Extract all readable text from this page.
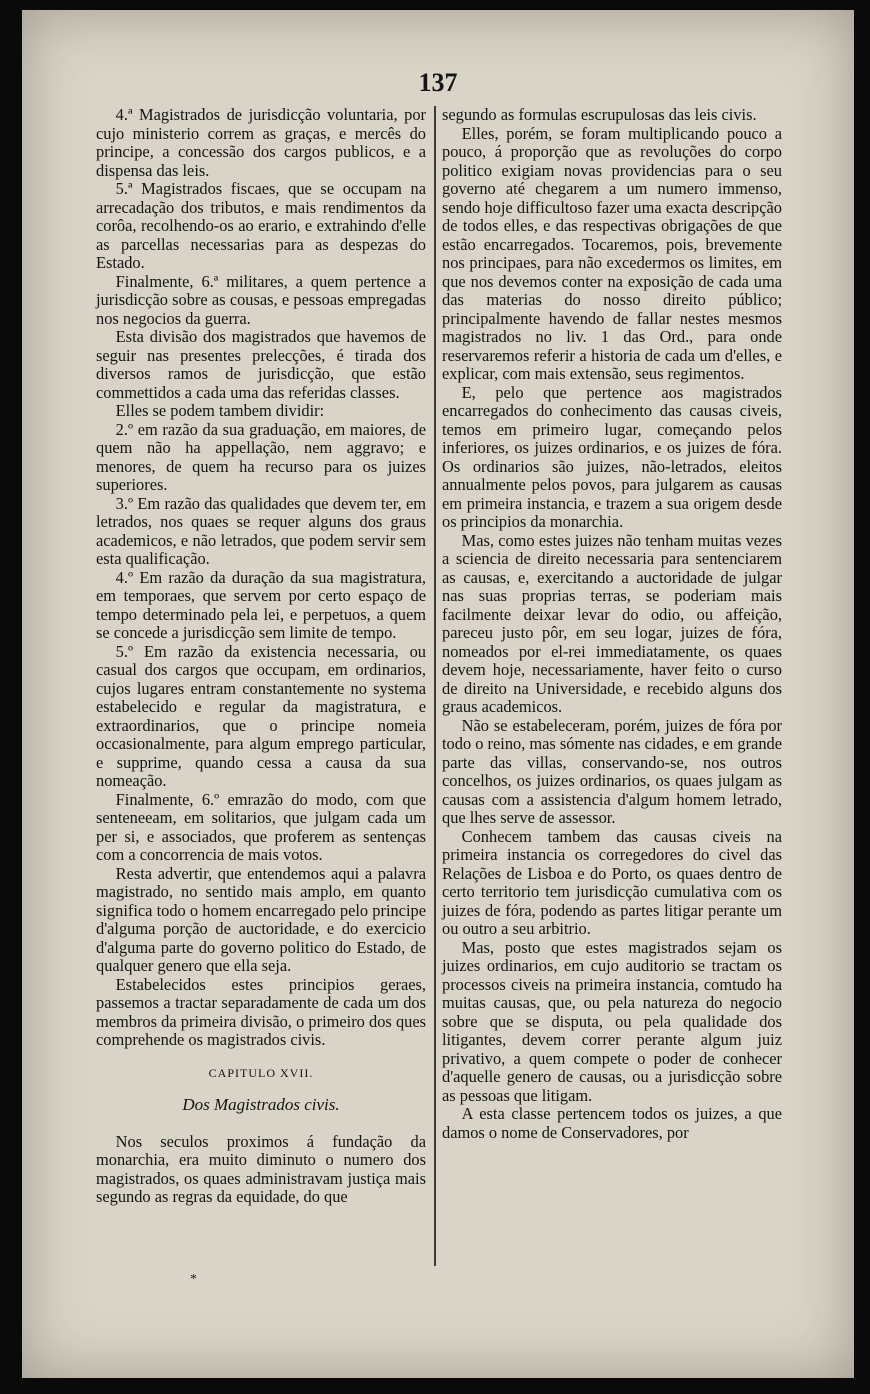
137

4.ª Magistrados de jurisdicção voluntaria, por cujo ministerio correm as graças, e mercês do principe, a concessão dos cargos publicos, e a dispensa das leis.

5.ª Magistrados fiscaes, que se occupam na arrecadação dos tributos, e mais rendimentos da corôa, recolhendo-os ao erario, e extrahindo d'elle as parcellas necessarias para as despezas do Estado.

Finalmente, 6.ª militares, a quem pertence a jurisdicção sobre as cousas, e pessoas empregadas nos negocios da guerra.

Esta divisão dos magistrados que havemos de seguir nas presentes prelecções, é tirada dos diversos ramos de jurisdicção, que estão commettidos a cada uma das referidas classes.

Elles se podem tambem dividir:

2.º em razão da sua graduação, em maiores, de quem não ha appellação, nem aggravo; e menores, de quem ha recurso para os juizes superiores.

3.º Em razão das qualidades que devem ter, em letrados, nos quaes se requer alguns dos graus academicos, e não letrados, que podem servir sem esta qualificação.

4.º Em razão da duração da sua magistratura, em temporaes, que servem por certo espaço de tempo determinado pela lei, e perpetuos, a quem se concede a jurisdicção sem limite de tempo.

5.º Em razão da existencia necessaria, ou casual dos cargos que occupam, em ordinarios, cujos lugares entram constantemente no systema estabelecido e regular da magistratura, e extraordinarios, que o principe nomeia occasionalmente, para algum emprego particular, e supprime, quando cessa a causa da sua nomeação.

Finalmente, 6.º emrazão do modo, com que senteneeam, em solitarios, que julgam cada um per si, e associados, que proferem as sentenças com a concorrencia de mais votos.

Resta advertir, que entendemos aqui a palavra magistrado, no sentido mais amplo, em quanto significa todo o homem encarregado pelo principe d'alguma porção de auctoridade, e do exercicio d'alguma parte do governo politico do Estado, de qualquer genero que ella seja.

Estabelecidos estes principios geraes, passemos a tractar separadamente de cada um dos membros da primeira divisão, o primeiro dos ques comprehende os magistrados civis.

CAPITULO XVII.
Dos Magistrados civis.

Nos seculos proximos á fundação da monarchia, era muito diminuto o numero dos magistrados, os quaes administravam justiça mais segundo as regras da equidade, do que

segundo as formulas escrupulosas das leis civis.

Elles, porém, se foram multiplicando pouco a pouco, á proporção que as revoluções do corpo politico exigiam novas providencias para o seu governo até chegarem a um numero immenso, sendo hoje difficultoso fazer uma exacta descripção de todos elles, e das respectivas obrigações de que estão encarregados. Tocaremos, pois, brevemente nos principaes, para não excedermos os limites, em que nos devemos conter na exposição de cada uma das materias do nosso direito público; principalmente havendo de fallar nestes mesmos magistrados no liv. 1 das Ord., para onde reservaremos referir a historia de cada um d'elles, e explicar, com mais extensão, seus regimentos.

E, pelo que pertence aos magistrados encarregados do conhecimento das causas civeis, temos em primeiro lugar, começando pelos inferiores, os juizes ordinarios, e os juizes de fóra. Os ordinarios são juizes, não-letrados, eleitos annualmente pelos povos, para julgarem as causas em primeira instancia, e trazem a sua origem desde os principios da monarchia.

Mas, como estes juizes não tenham muitas vezes a sciencia de direito necessaria para sentenciarem as causas, e, exercitando a auctoridade de julgar nas suas proprias terras, se poderiam mais facilmente deixar levar do odio, ou affeição, pareceu justo pôr, em seu logar, juizes de fóra, nomeados por el-rei immediatamente, os quaes devem hoje, necessariamente, haver feito o curso de direito na Universidade, e recebido alguns dos graus academicos.

Não se estabeleceram, porém, juizes de fóra por todo o reino, mas sómente nas cidades, e em grande parte das villas, conservando-se, nos outros concelhos, os juizes ordinarios, os quaes julgam as causas com a assistencia d'algum homem letrado, que lhes serve de assessor.

Conhecem tambem das causas civeis na primeira instancia os corregedores do civel das Relações de Lisboa e do Porto, os quaes dentro de certo territorio tem jurisdicção cumulativa com os juizes de fóra, podendo as partes litigar perante um ou outro a seu arbitrio.

Mas, posto que estes magistrados sejam os juizes ordinarios, em cujo auditorio se tractam os processos civeis na primeira instancia, comtudo ha muitas causas, que, ou pela natureza do negocio sobre que se disputa, ou pela qualidade dos litigantes, devem correr perante algum juiz privativo, a quem compete o poder de conhecer d'aquelle genero de causas, ou a jurisdicção sobre as pessoas que litigam.

A esta classe pertencem todos os juizes, a que damos o nome de Conservadores, por

*
